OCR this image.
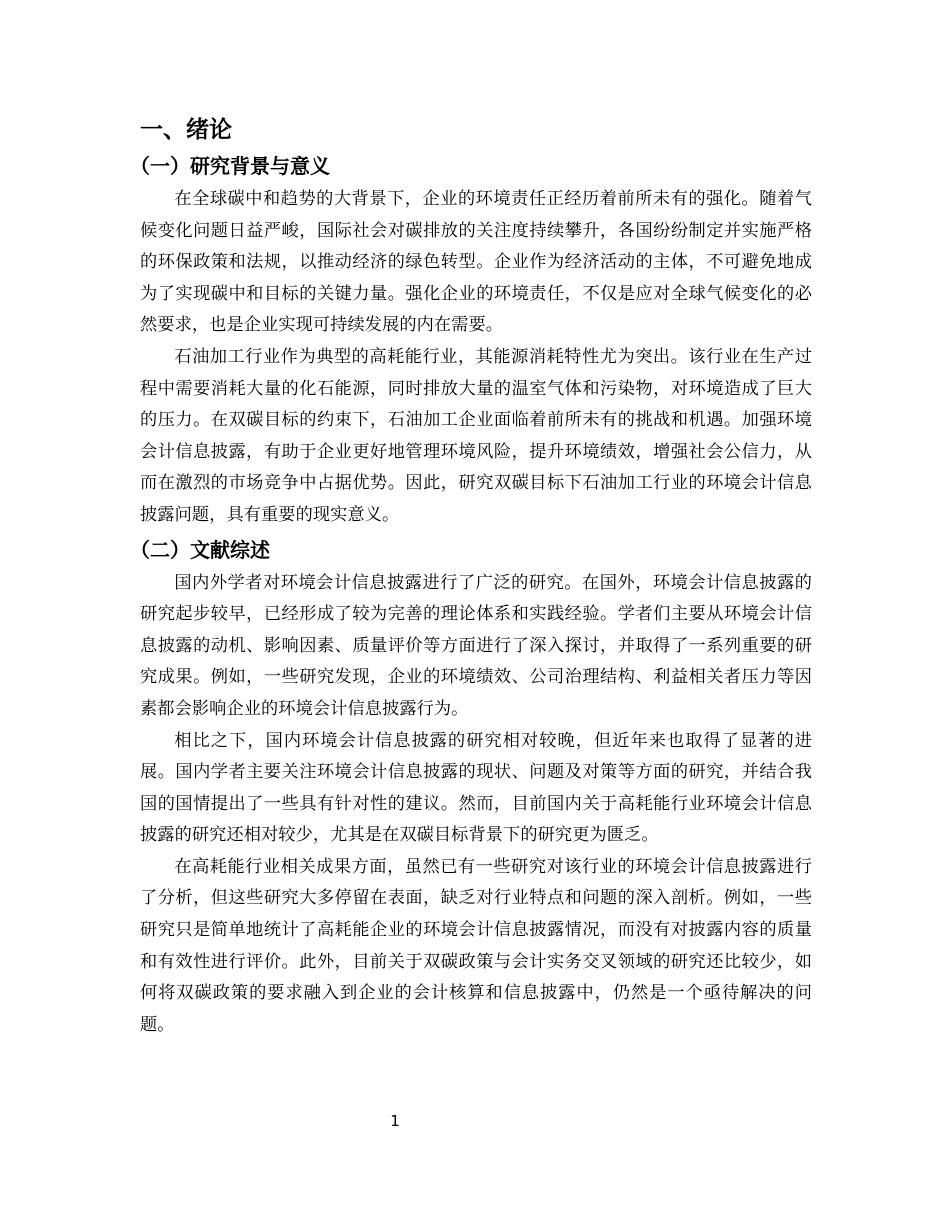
一、绪论
（一）研究背景与意义

在全球碳中和趋势的大背景下，企业的环境责任正经历着前所未有的强化。随着气候变化问题日益严峻，国际社会对碳排放的关注度持续攀升，各国纷纷制定并实施严格的环保政策和法规，以推动经济的绿色转型。企业作为经济活动的主体，不可避免地成为了实现碳中和目标的关键力量。强化企业的环境责任，不仅是应对全球气候变化的必然要求，也是企业实现可持续发展的内在需要。

石油加工行业作为典型的高耗能行业，其能源消耗特性尤为突出。该行业在生产过程中需要消耗大量的化石能源，同时排放大量的温室气体和污染物，对环境造成了巨大的压力。在双碳目标的约束下，石油加工企业面临着前所未有的挑战和机遇。加强环境会计信息披露，有助于企业更好地管理环境风险，提升环境绩效，增强社会公信力，从而在激烈的市场竞争中占据优势。因此，研究双碳目标下石油加工行业的环境会计信息披露问题，具有重要的现实意义。

（二）文献综述

国内外学者对环境会计信息披露进行了广泛的研究。在国外，环境会计信息披露的研究起步较早，已经形成了较为完善的理论体系和实践经验。学者们主要从环境会计信息披露的动机、影响因素、质量评价等方面进行了深入探讨，并取得了一系列重要的研究成果。例如，一些研究发现，企业的环境绩效、公司治理结构、利益相关者压力等因素都会影响企业的环境会计信息披露行为。

相比之下，国内环境会计信息披露的研究相对较晚，但近年来也取得了显著的进展。国内学者主要关注环境会计信息披露的现状、问题及对策等方面的研究，并结合我国的国情提出了一些具有针对性的建议。然而，目前国内关于高耗能行业环境会计信息披露的研究还相对较少，尤其是在双碳目标背景下的研究更为匮乏。

在高耗能行业相关成果方面，虽然已有一些研究对该行业的环境会计信息披露进行了分析，但这些研究大多停留在表面，缺乏对行业特点和问题的深入剖析。例如，一些研究只是简单地统计了高耗能企业的环境会计信息披露情况，而没有对披露内容的质量和有效性进行评价。此外，目前关于双碳政策与会计实务交叉领域的研究还比较少，如何将双碳政策的要求融入到企业的会计核算和信息披露中，仍然是一个亟待解决的问题。

1
